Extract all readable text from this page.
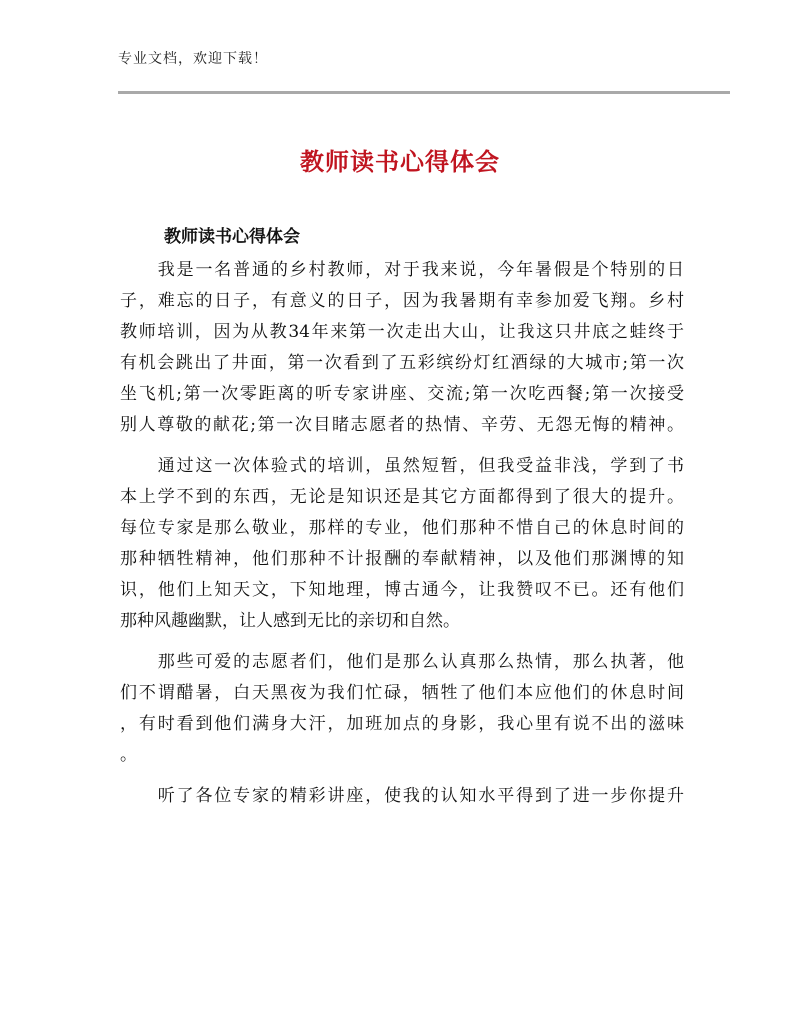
专业文档，欢迎下载！
教师读书心得体会
教师读书心得体会
　　我是一名普通的乡村教师，对于我来说，今年暑假是个特别的日
子，难忘的日子，有意义的日子，因为我暑期有幸参加爱飞翔。乡村
教师培训，因为从教34年来第一次走出大山，让我这只井底之蛙终于
有机会跳出了井面，第一次看到了五彩缤纷灯红酒绿的大城市;第一次
坐飞机;第一次零距离的听专家讲座、交流;第一次吃西餐;第一次接受
别人尊敬的献花;第一次目睹志愿者的热情、辛劳、无怨无悔的精神。
　　通过这一次体验式的培训，虽然短暂，但我受益非浅，学到了书
本上学不到的东西，无论是知识还是其它方面都得到了很大的提升。
每位专家是那么敬业，那样的专业，他们那种不惜自己的休息时间的
那种牺牲精神，他们那种不计报酬的奉献精神，以及他们那渊博的知
识，他们上知天文，下知地理，博古通今，让我赞叹不已。还有他们
那种风趣幽默，让人感到无比的亲切和自然。
　　那些可爱的志愿者们，他们是那么认真那么热情，那么执著，他
们不谓醋暑，白天黑夜为我们忙碌，牺牲了他们本应他们的休息时间
，有时看到他们满身大汗，加班加点的身影，我心里有说不出的滋味
。
　　听了各位专家的精彩讲座，使我的认知水平得到了进一步你提升
